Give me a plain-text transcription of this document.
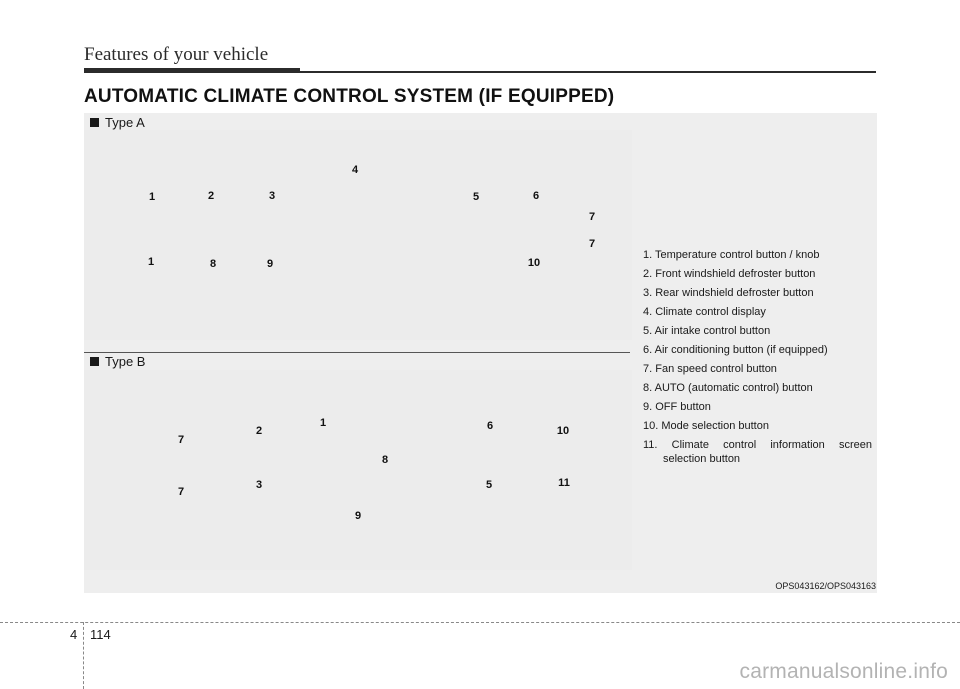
Features of your vehicle
AUTOMATIC CLIMATE CONTROL SYSTEM (IF EQUIPPED)
Type A
Type B
1	2	3
4
5	6
7
7
1	8	9	10
1
2	6	10
7
8
7
3	5	11
9
1. Temperature control button / knob
2. Front windshield defroster button
3. Rear windshield defroster button
4. Climate control display
5. Air intake control button
6. Air conditioning button (if equipped)
7. Fan speed control button
8. AUTO (automatic control) button
9. OFF button
10. Mode selection button
11. Climate control information screen selection button
OPS043162/OPS043163
4 114
carmanualsonline.info
